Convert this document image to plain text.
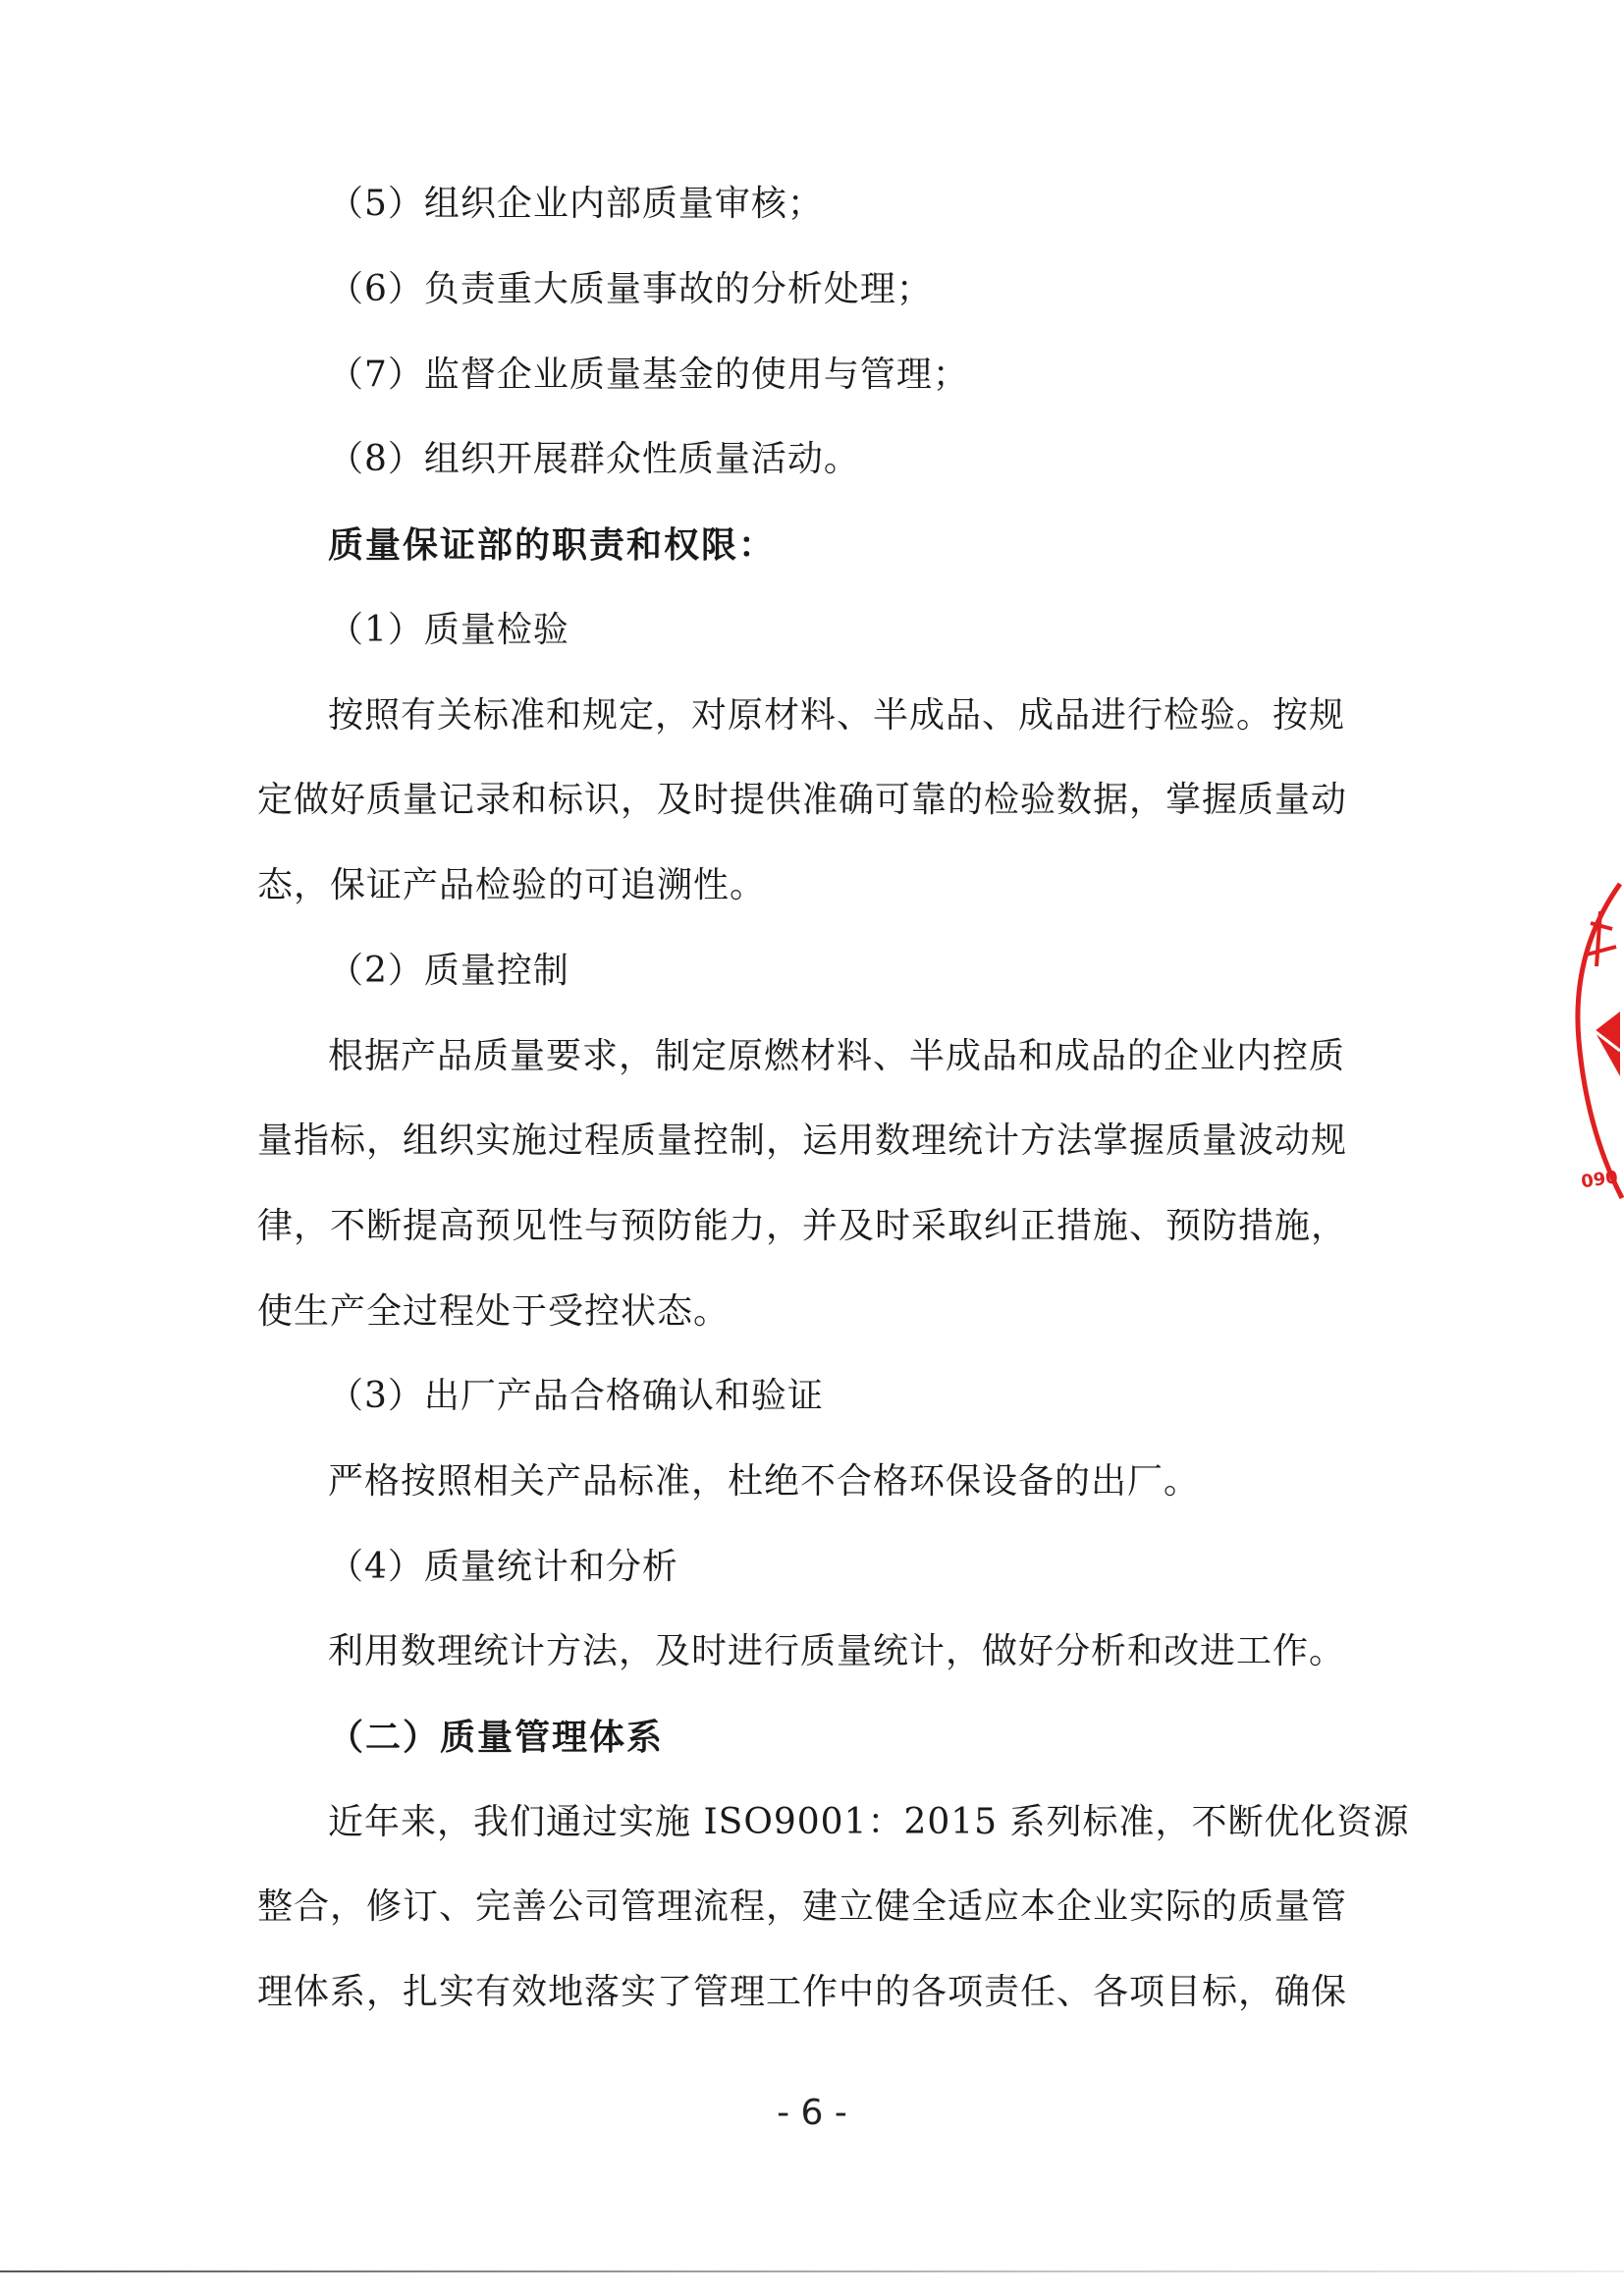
（5）组织企业内部质量审核；
（6）负责重大质量事故的分析处理；
（7）监督企业质量基金的使用与管理；
（8）组织开展群众性质量活动。
质量保证部的职责和权限：
（1）质量检验
按照有关标准和规定，对原材料、半成品、成品进行检验。按规
定做好质量记录和标识，及时提供准确可靠的检验数据，掌握质量动
态，保证产品检验的可追溯性。
（2）质量控制
根据产品质量要求，制定原燃材料、半成品和成品的企业内控质
量指标，组织实施过程质量控制，运用数理统计方法掌握质量波动规
律，不断提高预见性与预防能力，并及时采取纠正措施、预防措施，
使生产全过程处于受控状态。
（3）出厂产品合格确认和验证
严格按照相关产品标准，杜绝不合格环保设备的出厂。
（4）质量统计和分析
利用数理统计方法，及时进行质量统计，做好分析和改进工作。
（二）质量管理体系
近年来，我们通过实施 ISO9001：2015 系列标准，不断优化资源
整合，修订、完善公司管理流程，建立健全适应本企业实际的质量管
理体系，扎实有效地落实了管理工作中的各项责任、各项目标，确保
- 6 -
090
